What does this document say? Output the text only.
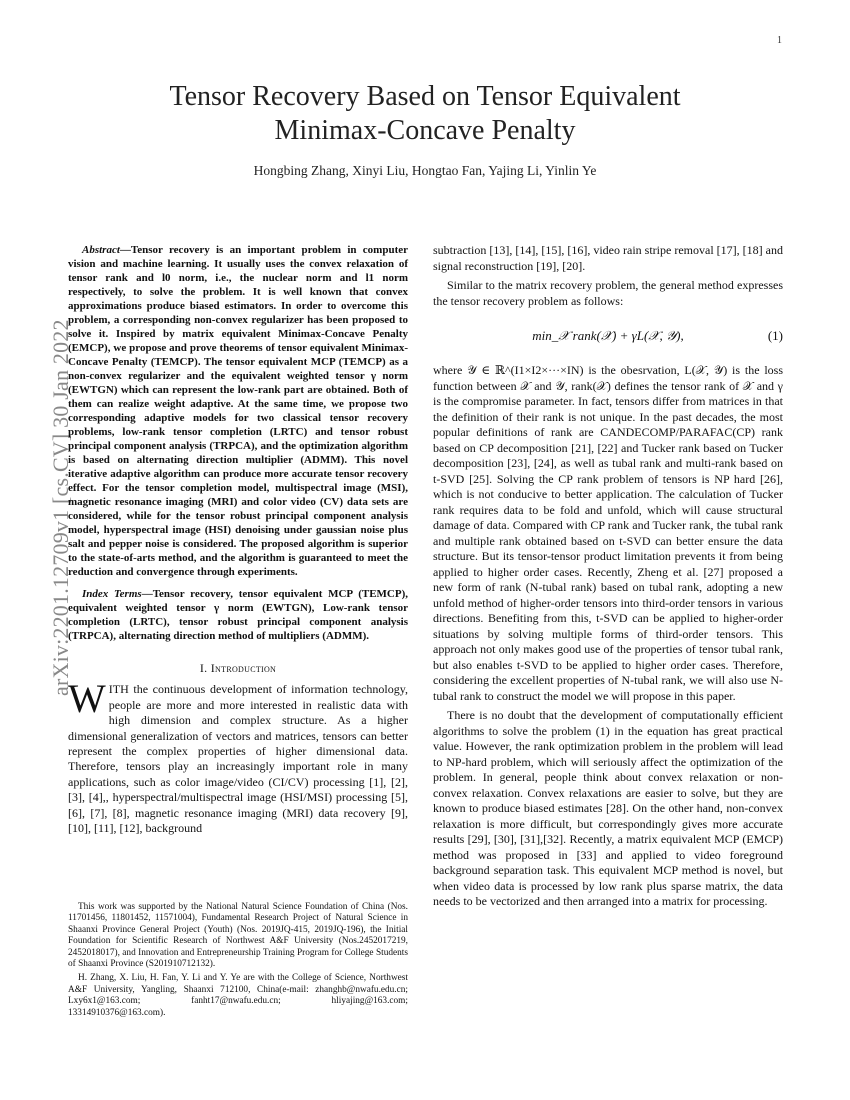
1
arXiv:2201.12709v1 [cs.CV] 30 Jan 2022
Tensor Recovery Based on Tensor Equivalent
Minimax-Concave Penalty
Hongbing Zhang, Xinyi Liu, Hongtao Fan, Yajing Li, Yinlin Ye

Abstract—Tensor recovery is an important problem in computer vision and machine learning. It usually uses the convex relaxation of tensor rank and l0 norm, i.e., the nuclear norm and l1 norm respectively, to solve the problem. It is well known that convex approximations produce biased estimators. In order to overcome this problem, a corresponding non-convex regularizer has been proposed to solve it. Inspired by matrix equivalent Minimax-Concave Penalty (EMCP), we propose and prove theorems of tensor equivalent Minimax-Concave Penalty (TEMCP). The tensor equivalent MCP (TEMCP) as a non-convex regularizer and the equivalent weighted tensor γ norm (EWTGN) which can represent the low-rank part are obtained. Both of them can realize weight adaptive. At the same time, we propose two corresponding adaptive models for two classical tensor recovery problems, low-rank tensor completion (LRTC) and tensor robust principal component analysis (TRPCA), and the optimization algorithm is based on alternating direction multiplier (ADMM). This novel iterative adaptive algorithm can produce more accurate tensor recovery effect. For the tensor completion model, multispectral image (MSI), magnetic resonance imaging (MRI) and color video (CV) data sets are considered, while for the tensor robust principal component analysis model, hyperspectral image (HSI) denoising under gaussian noise plus salt and pepper noise is considered. The proposed algorithm is superior to the state-of-arts method, and the algorithm is guaranteed to meet the reduction and convergence through experiments.

Index Terms—Tensor recovery, tensor equivalent MCP (TEMCP), equivalent weighted tensor γ norm (EWTGN), Low-rank tensor completion (LRTC), tensor robust principal component analysis (TRPCA), alternating direction method of multipliers (ADMM).

I. Introduction

WITH the continuous development of information technology, people are more and more interested in realistic data with high dimension and complex structure. As a higher dimensional generalization of vectors and matrices, tensors can better represent the complex properties of higher dimensional data. Therefore, tensors play an increasingly important role in many applications, such as color image/video (CI/CV) processing [1], [2], [3], [4],, hyperspectral/multispectral image (HSI/MSI) processing [5], [6], [7], [8], magnetic resonance imaging (MRI) data recovery [9], [10], [11], [12], background

This work was supported by the National Natural Science Foundation of China (Nos. 11701456, 11801452, 11571004), Fundamental Research Project of Natural Science in Shaanxi Province General Project (Youth) (Nos. 2019JQ-415, 2019JQ-196), the Initial Foundation for Scientific Research of Northwest A&F University (Nos.2452017219, 2452018017), and Innovation and Entrepreneurship Training Program for College Students of Shaanxi Province (S201910712132).

H. Zhang, X. Liu, H. Fan, Y. Li and Y. Ye are with the College of Science, Northwest A&F University, Yangling, Shaanxi 712100, China(e-mail: zhanghb@nwafu.edu.cn; Lxy6x1@163.com; fanht17@nwafu.edu.cn; hliyajing@163.com; 13314910376@163.com).

subtraction [13], [14], [15], [16], video rain stripe removal [17], [18] and signal reconstruction [19], [20].

Similar to the matrix recovery problem, the general method expresses the tensor recovery problem as follows:

min_𝒳 rank(𝒳) + γL(𝒳, 𝒴),	(1)

where 𝒴 ∈ ℝ^(I1×I2×···×IN) is the obesrvation, L(𝒳, 𝒴) is the loss function between 𝒳 and 𝒴, rank(𝒳) defines the tensor rank of 𝒳 and γ is the compromise parameter. In fact, tensors differ from matrices in that the definition of their rank is not unique. In the past decades, the most popular definitions of rank are CANDECOMP/PARAFAC(CP) rank based on CP decomposition [21], [22] and Tucker rank based on Tucker decomposition [23], [24], as well as tubal rank and multi-rank based on t-SVD [25]. Solving the CP rank problem of tensors is NP hard [26], which is not conducive to better application. The calculation of Tucker rank requires data to be fold and unfold, which will cause structural damage of data. Compared with CP rank and Tucker rank, the tubal rank and multiple rank obtained based on t-SVD can better ensure the data structure. But its tensor-tensor product limitation prevents it from being applied to higher order cases. Recently, Zheng et al. [27] proposed a new form of rank (N-tubal rank) based on tubal rank, adopting a new unfold method of higher-order tensors into third-order tensors in various directions. Benefiting from this, t-SVD can be applied to higher-order situations by solving multiple forms of third-order tensors. This approach not only makes good use of the properties of tensor tubal rank, but also enables t-SVD to be applied to higher order cases. Therefore, considering the excellent properties of N-tubal rank, we will also use N-tubal rank to construct the model we will propose in this paper.

There is no doubt that the development of computationally efficient algorithms to solve the problem (1) in the equation has great practical value. However, the rank optimization problem in the problem will lead to NP-hard problem, which will seriously affect the optimization of the problem. In general, people think about convex relaxation or non-convex relaxation. Convex relaxations are easier to solve, but they are known to produce biased estimates [28]. On the other hand, non-convex relaxation is more difficult, but correspondingly gives more accurate results [29], [30], [31],[32]. Recently, a matrix equivalent MCP (EMCP) method was proposed in [33] and applied to video foreground background separation task. This equivalent MCP method is novel, but when video data is processed by low rank plus sparse matrix, the data needs to be vectorized and then arranged into a matrix for processing.
